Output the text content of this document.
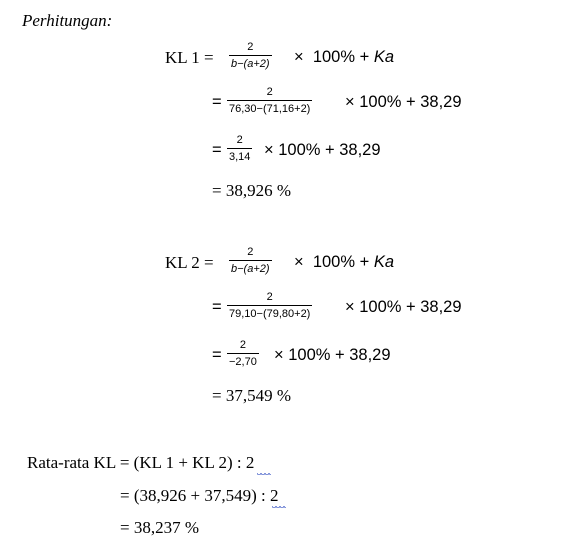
Perhitungan:
KL 1 =
2
b−(a+2) × 100% + Ka
=
2
76,30−(71,16+2) × 100% + 38,29
=
2
3,14 × 100% + 38,29
= 38,926 %
KL 2 =
2
b−(a+2) × 100% + Ka
=
2
79,10−(79,80+2) × 100% + 38,29
=
2
−2,70 × 100% + 38,29
= 37,549 %
Rata-rata KL = (KL 1 + KL 2) : 2
= (38,926 + 37,549) : 2
= 38,237 %
